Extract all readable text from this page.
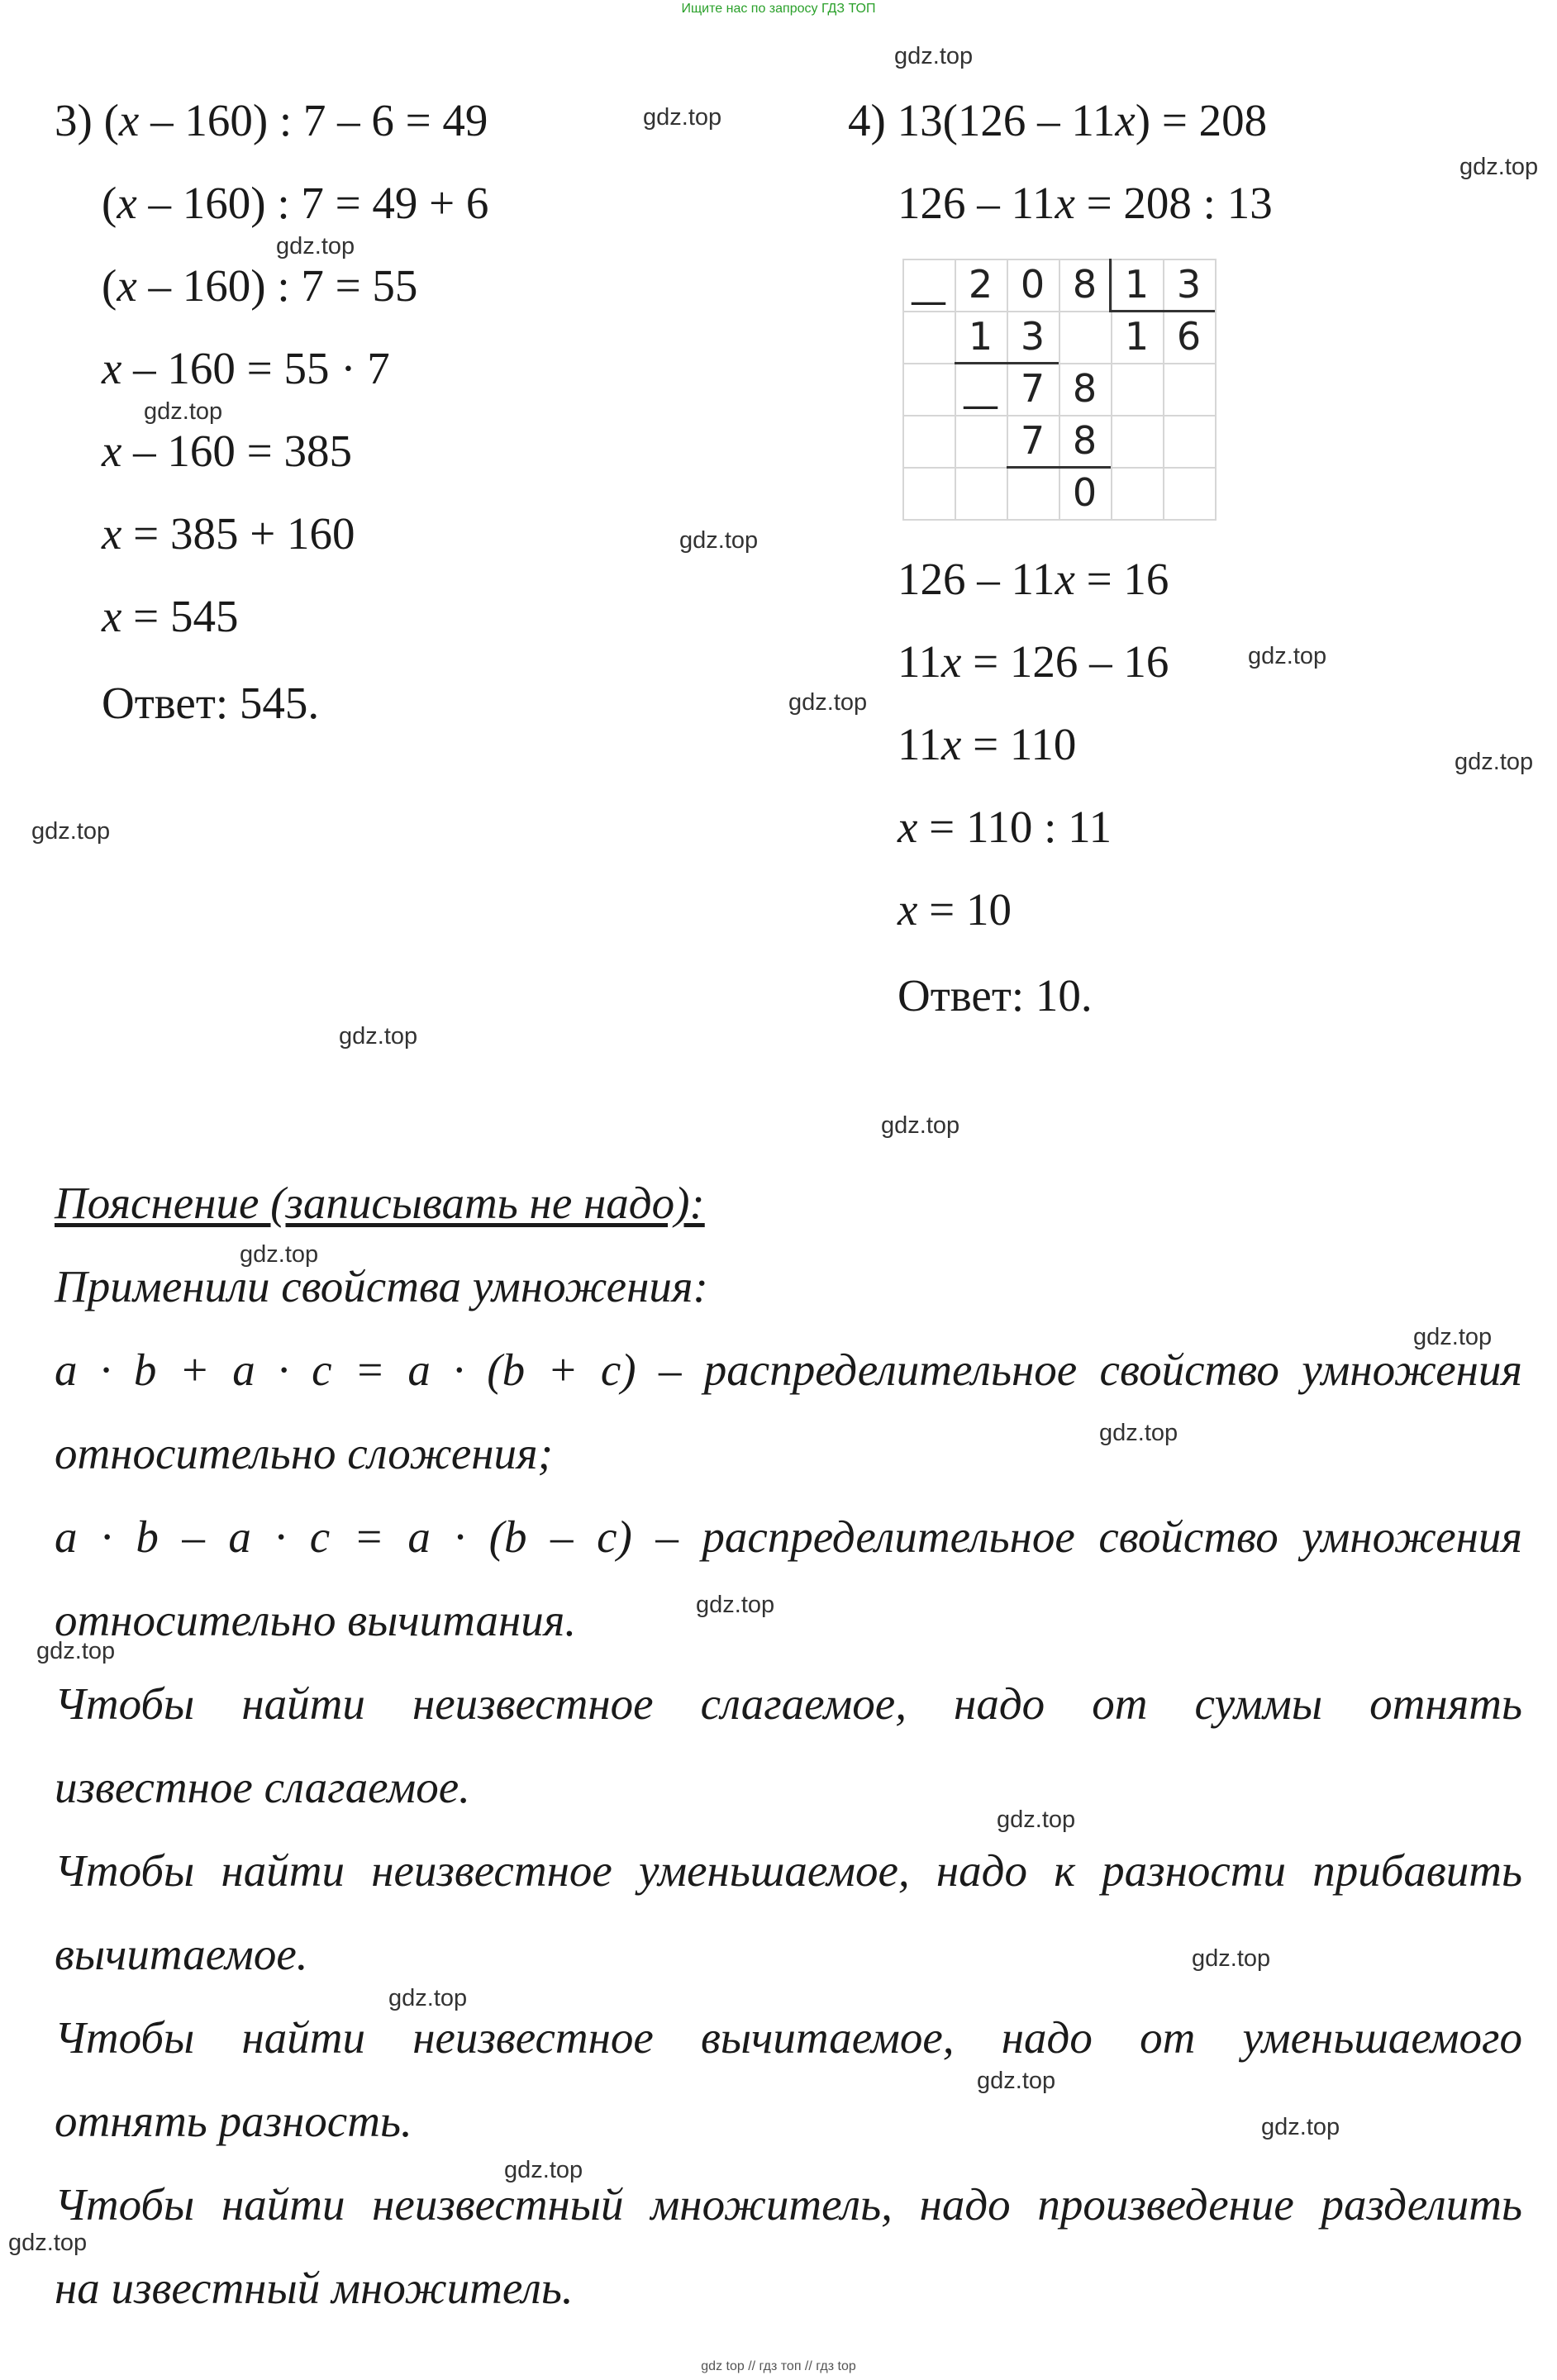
Ищите нас по запросу ГДЗ ТОП
gdz top // гдз топ // гдз top
3) (x – 160) : 7 – 6 = 49
(x – 160) : 7 = 49 + 6
(x – 160) : 7 = 55
x – 160 = 55 · 7
x – 160 = 385
x = 385 + 160
x = 545
Ответ: 545.
4) 13(126 – 11x) = 208
126 – 11x = 208 : 13
2 0 8 1 3
—
1 3	1 6
— 7 8
7 8
0
126 – 11x = 16
11x = 126 – 16
11x = 110
x = 110 : 11
x = 10
Ответ: 10.

Пояснение (записывать не надо):

Применили свойства умножения:

a · b + a · c = a · (b + c) – распределительное свойство умножения

относительно сложения;

a · b – a · c = a · (b – c) – распределительное свойство умножения

относительно вычитания.

Чтобы найти неизвестное слагаемое, надо от суммы отнять

известное слагаемое.

Чтобы найти неизвестное уменьшаемое, надо к разности прибавить

вычитаемое.

Чтобы найти неизвестное вычитаемое, надо от уменьшаемого

отнять разность.

Чтобы найти неизвестный множитель, надо произведение разделить

на известный множитель.

gdz.top
gdz.top
gdz.top
gdz.top
gdz.top
gdz.top
gdz.top
gdz.top
gdz.top
gdz.top
gdz.top
gdz.top
gdz.top
gdz.top
gdz.top
gdz.top
gdz.top
gdz.top
gdz.top
gdz.top
gdz.top
gdz.top
gdz.top
gdz.top
